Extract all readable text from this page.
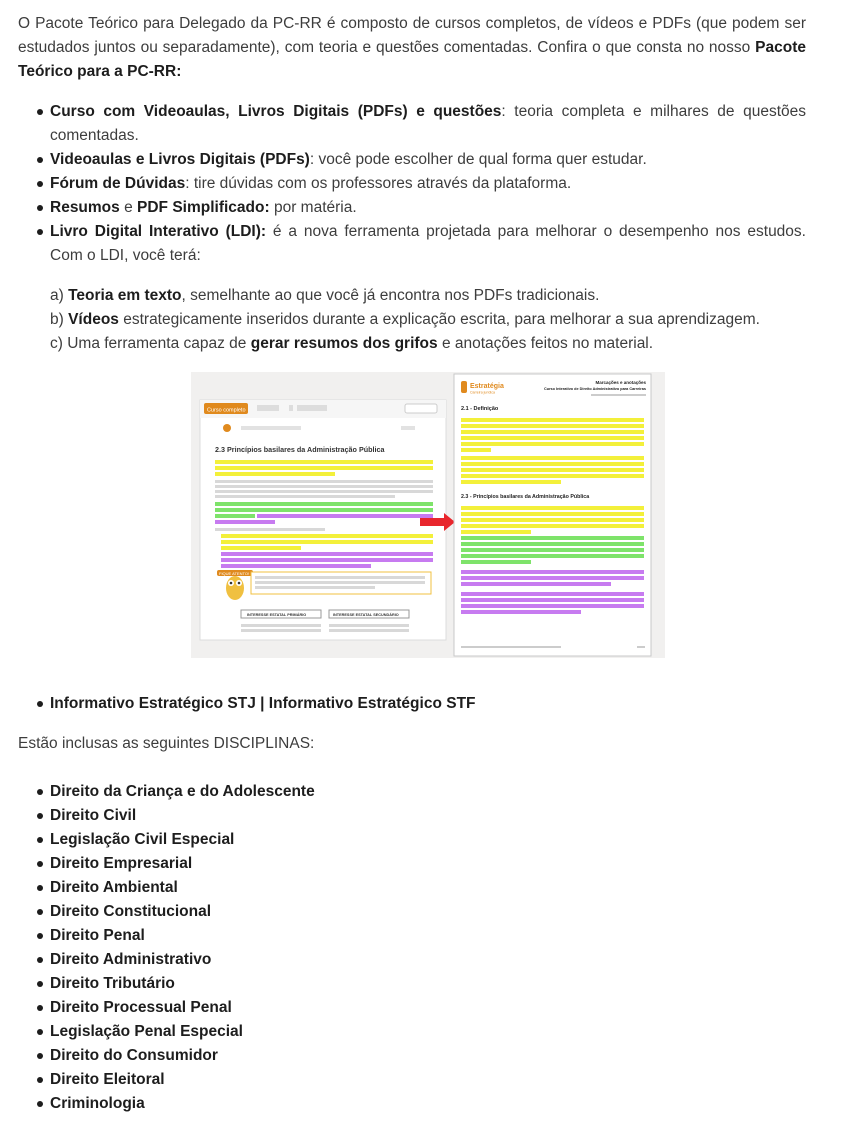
O Pacote Teórico para Delegado da PC-RR é composto de cursos completos, de vídeos e PDFs (que podem ser estudados juntos ou separadamente), com teoria e questões comentadas. Confira o que consta no nosso Pacote Teórico para a PC-RR:

Curso com Videoaulas, Livros Digitais (PDFs) e questões: teoria completa e milhares de questões comentadas.
Videoaulas e Livros Digitais (PDFs): você pode escolher de qual forma quer estudar.
Fórum de Dúvidas: tire dúvidas com os professores através da plataforma.
Resumos e PDF Simplificado: por matéria.
Livro Digital Interativo (LDI): é a nova ferramenta projetada para melhorar o desempenho nos estudos. Com o LDI, você terá:
a) Teoria em texto, semelhante ao que você já encontra nos PDFs tradicionais.
b) Vídeos estrategicamente inseridos durante a explicação escrita, para melhorar a sua aprendizagem.
c) Uma ferramenta capaz de gerar resumos dos grifos e anotações feitos no material.
Curso completo
2.3 Princípios basilares da Administração Pública
FIQUE ATENTO!
INTERESSE ESTATAL PRIMÁRIO	INTERESSE ESTATAL SECUNDÁRIO
Estratégia
Carreira jurídica
Marcações e anotações
Curso Interativo de Direito Administrativo para Carreiras
2.1 - Definição
2.3 - Princípios basilares da Administração Pública
Informativo Estratégico STJ | Informativo Estratégico STF

Estão inclusas as seguintes DISCIPLINAS:

Direito da Criança e do Adolescente
Direito Civil
Legislação Civil Especial
Direito Empresarial
Direito Ambiental
Direito Constitucional
Direito Penal
Direito Administrativo
Direito Tributário
Direito Processual Penal
Legislação Penal Especial
Direito do Consumidor
Direito Eleitoral
Criminologia
